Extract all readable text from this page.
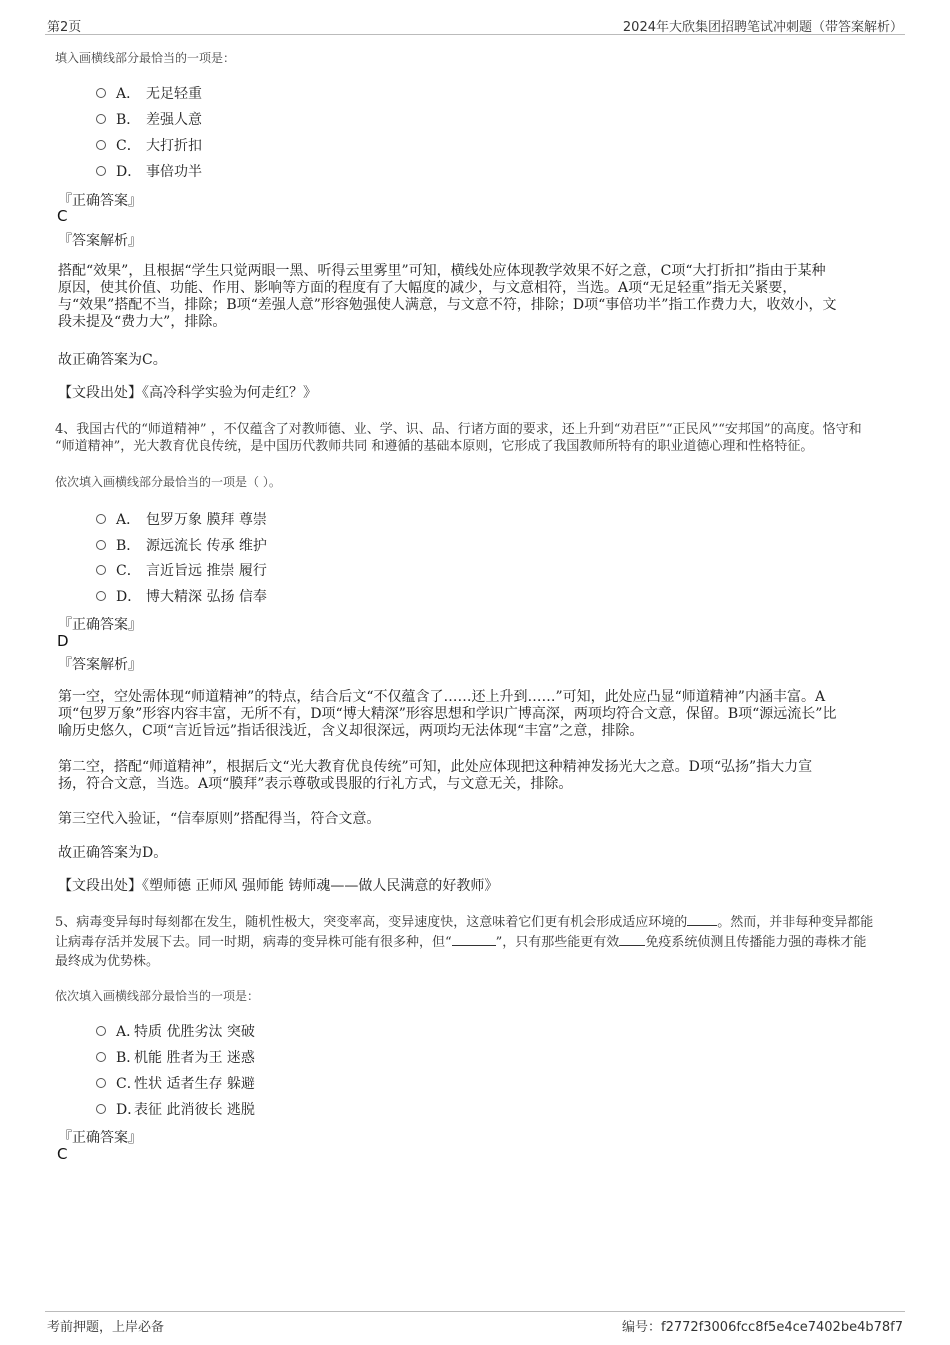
第2页	2024年大欣集团招聘笔试冲刺题（带答案解析）
填入画横线部分最恰当的一项是：
A． 无足轻重
B． 差强人意
C． 大打折扣
D． 事倍功半
『正确答案』
C
『答案解析』
搭配“效果”，且根据“学生只觉两眼一黑、听得云里雾里”可知，横线处应体现教学效果不好之意，C项“大打折扣”指由于某种
原因，使其价值、功能、作用、影响等方面的程度有了大幅度的减少，与文意相符，当选。A项“无足轻重”指无关紧要，
与“效果”搭配不当，排除；B项“差强人意”形容勉强使人满意，与文意不符，排除；D项“事倍功半”指工作费力大，收效小，文
段未提及“费力大”，排除。
故正确答案为C。
【文段出处】《高冷科学实验为何走红？》
4、我国古代的“师道精神” ，不仅蕴含了对教师德、业、学、识、品、行诸方面的要求，还上升到“劝君臣”“正民风”“安邦国”的高度。恪守和
“师道精神”，光大教育优良传统，是中国历代教师共同 和遵循的基础本原则，它形成了我国教师所特有的职业道德心理和性格特征。
依次填入画横线部分最恰当的一项是（ ）。
A． 包罗万象 膜拜 尊崇
B． 源远流长 传承 维护
C． 言近旨远 推崇 履行
D． 博大精深 弘扬 信奉
『正确答案』
D
『答案解析』
第一空，空处需体现“师道精神”的特点，结合后文“不仅蕴含了……还上升到……”可知，此处应凸显“师道精神”内涵丰富。A
项“包罗万象”形容内容丰富，无所不有，D项“博大精深”形容思想和学识广博高深，两项均符合文意，保留。B项“源远流长”比
喻历史悠久，C项“言近旨远”指话很浅近，含义却很深远，两项均无法体现“丰富”之意，排除。
第二空，搭配“师道精神”，根据后文“光大教育优良传统”可知，此处应体现把这种精神发扬光大之意。D项“弘扬”指大力宣
扬，符合文意，当选。A项“膜拜”表示尊敬或畏服的行礼方式，与文意无关，排除。
第三空代入验证，“信奉原则”搭配得当，符合文意。
故正确答案为D。
【文段出处】《塑师德 正师风 强师能 铸师魂——做人民满意的好教师》
5、病毒变异每时每刻都在发生，随机性极大，突变率高，变异速度快，这意味着它们更有机会形成适应环境的 。然而，并非每种变异都能
让病毒存活并发展下去。同一时期，病毒的变异株可能有很多种，但“	”，只有那些能更有效 免疫系统侦测且传播能力强的毒株才能
最终成为优势株。
依次填入画横线部分最恰当的一项是：
A．
特质 优胜劣汰 突破
B．
机能 胜者为王 迷惑
C．
性状 适者生存 躲避
D．
表征 此消彼长 逃脱
『正确答案』
C
考前押题，上岸必备	编号：f2772f3006fcc8f5e4ce7402be4b78f7
